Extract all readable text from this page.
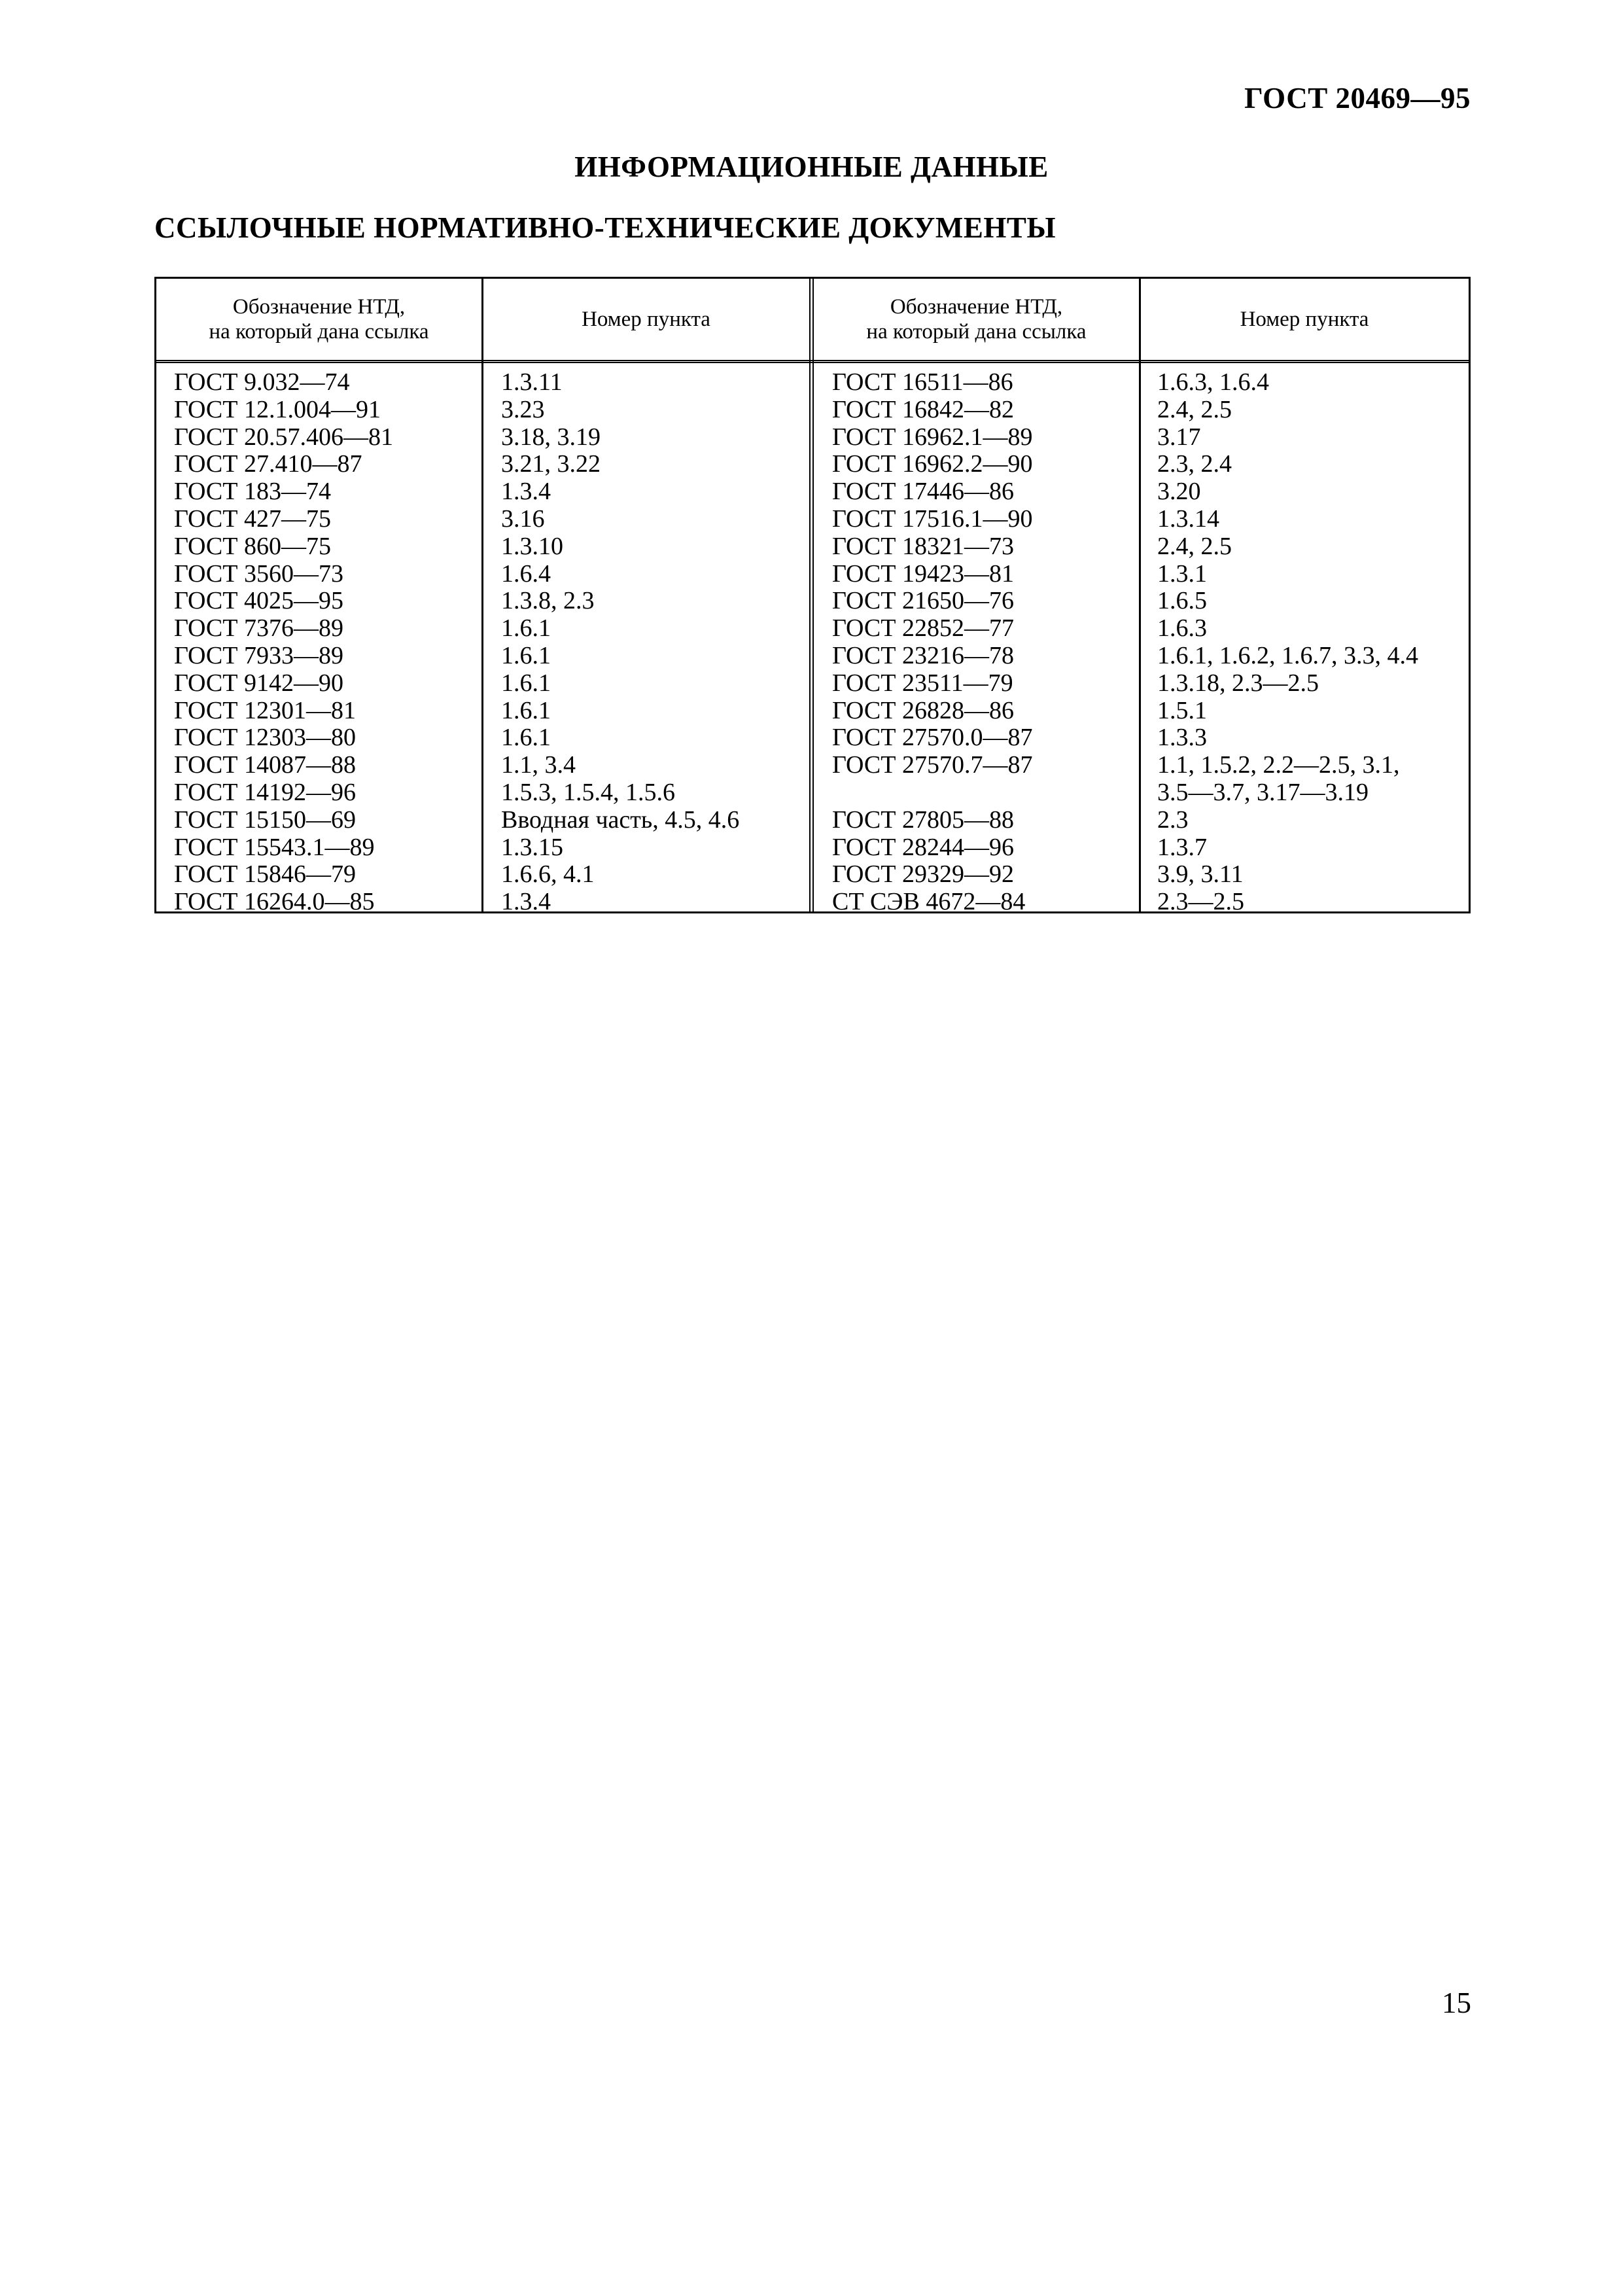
ГОСТ 20469—95
ИНФОРМАЦИОННЫЕ ДАННЫЕ
ССЫЛОЧНЫЕ НОРМАТИВНО-ТЕХНИЧЕСКИЕ ДОКУМЕНТЫ
Обозначение НТД,
на который дана ссылка
Номер пункта
Обозначение НТД,
на который дана ссылка
Номер пункта
ГОСТ 9.032—74
ГОСТ 12.1.004—91
ГОСТ 20.57.406—81
ГОСТ 27.410—87
ГОСТ 183—74
ГОСТ 427—75
ГОСТ 860—75
ГОСТ 3560—73
ГОСТ 4025—95
ГОСТ 7376—89
ГОСТ 7933—89
ГОСТ 9142—90
ГОСТ 12301—81
ГОСТ 12303—80
ГОСТ 14087—88
ГОСТ 14192—96
ГОСТ 15150—69
ГОСТ 15543.1—89
ГОСТ 15846—79
ГОСТ 16264.0—85
1.3.11
3.23
3.18, 3.19
3.21, 3.22
1.3.4
3.16
1.3.10
1.6.4
1.3.8, 2.3
1.6.1
1.6.1
1.6.1
1.6.1
1.6.1
1.1, 3.4
1.5.3, 1.5.4, 1.5.6
Вводная часть, 4.5, 4.6
1.3.15
1.6.6, 4.1
1.3.4
ГОСТ 16511—86
ГОСТ 16842—82
ГОСТ 16962.1—89
ГОСТ 16962.2—90
ГОСТ 17446—86
ГОСТ 17516.1—90
ГОСТ 18321—73
ГОСТ 19423—81
ГОСТ 21650—76
ГОСТ 22852—77
ГОСТ 23216—78
ГОСТ 23511—79
ГОСТ 26828—86
ГОСТ 27570.0—87
ГОСТ 27570.7—87
ГОСТ 27805—88
ГОСТ 28244—96
ГОСТ 29329—92
СТ СЭВ 4672—84
1.6.3, 1.6.4
2.4, 2.5
3.17
2.3, 2.4
3.20
1.3.14
2.4, 2.5
1.3.1
1.6.5
1.6.3
1.6.1, 1.6.2, 1.6.7, 3.3, 4.4
1.3.18, 2.3—2.5
1.5.1
1.3.3
1.1, 1.5.2, 2.2—2.5, 3.1,
3.5—3.7, 3.17—3.19
2.3
1.3.7
3.9, 3.11
2.3—2.5
15
